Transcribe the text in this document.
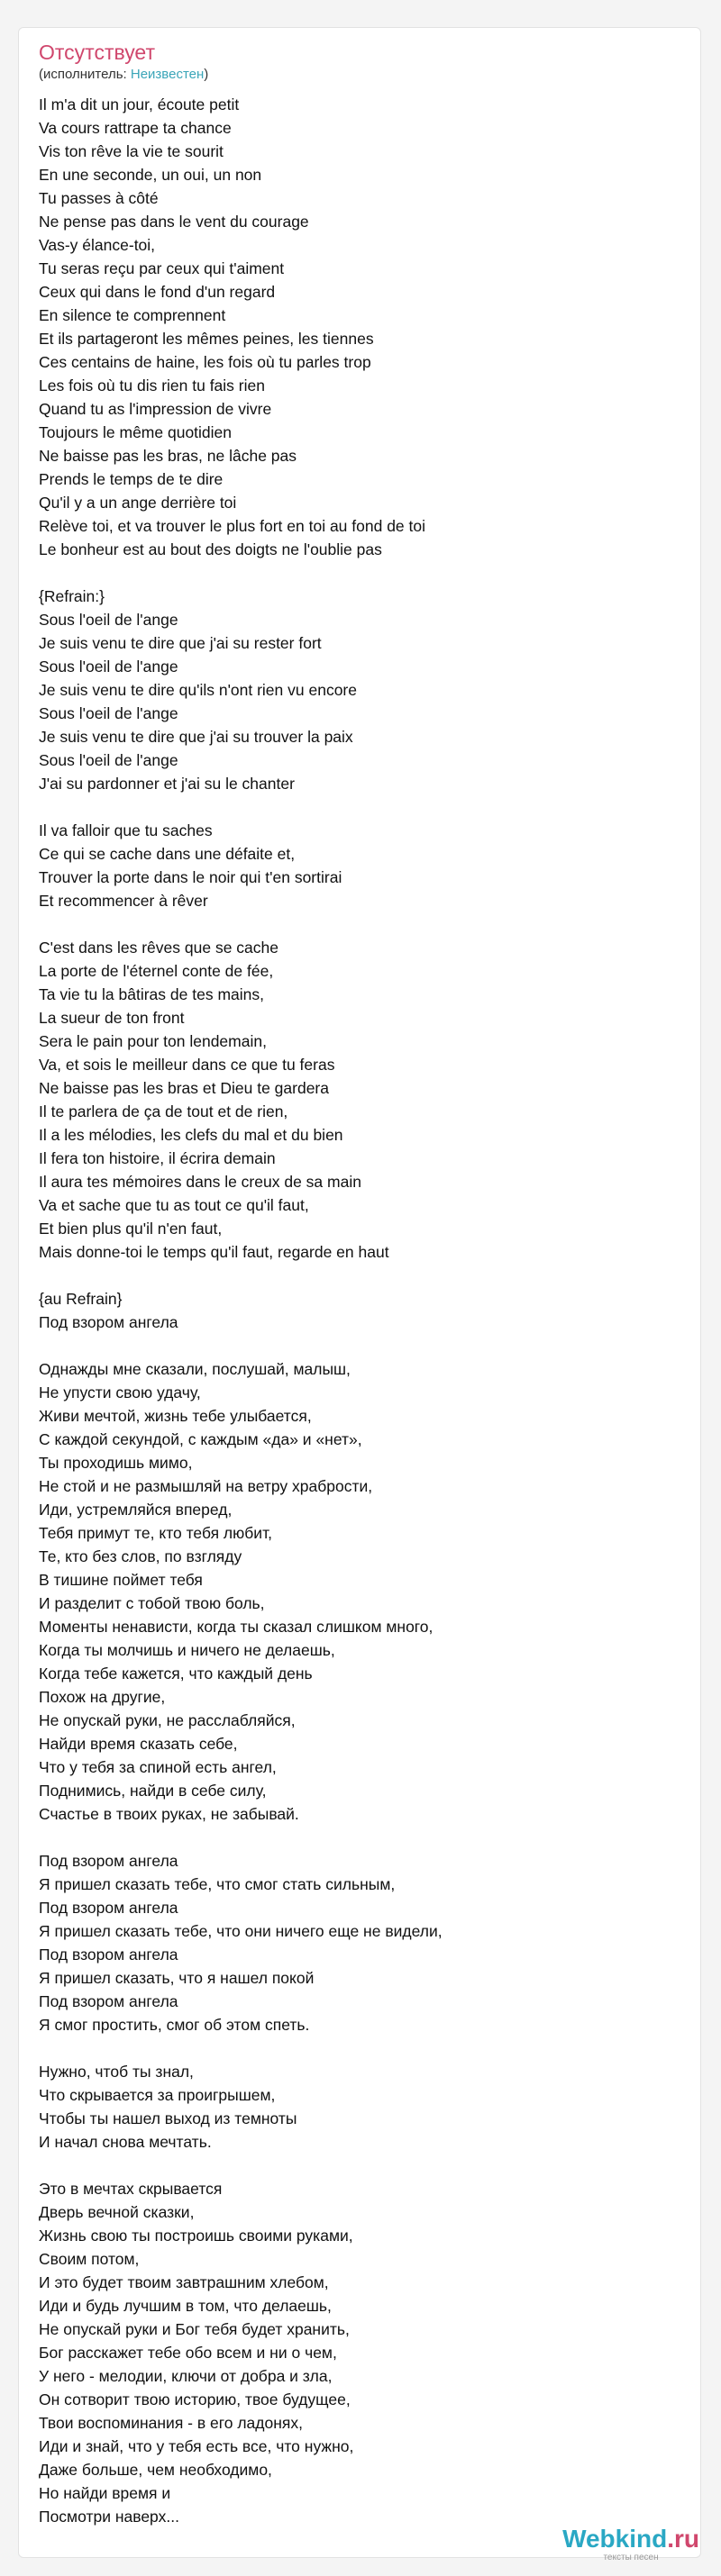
Отсутствует
(исполнитель: Неизвестен)
Il m'a dit un jour, écoute petit
Va cours rattrape ta chance
Vis ton rêve la vie te sourit
En une seconde, un oui, un non
Tu passes à côté
Ne pense pas dans le vent du courage
Vas-y élance-toi,
Tu seras reçu par ceux qui t'aiment
Ceux qui dans le fond d'un regard
En silence te comprennent
Et ils partageront les mêmes peines, les tiennes
Ces centains de haine, les fois où tu parles trop
Les fois où tu dis rien tu fais rien
Quand tu as l'impression de vivre
Toujours le même quotidien
Ne baisse pas les bras, ne lâche pas
Prends le temps de te dire
Qu'il y a un ange derrière toi
Relève toi, et va trouver le plus fort en toi au fond de toi
Le bonheur est au bout des doigts ne l'oublie pas
{Refrain:}
Sous l'oeil de l'ange
Je suis venu te dire que j'ai su rester fort
Sous l'oeil de l'ange
Je suis venu te dire qu'ils n'ont rien vu encore
Sous l'oeil de l'ange
Je suis venu te dire que j'ai su trouver la paix
Sous l'oeil de l'ange
J'ai su pardonner et j'ai su le chanter
Il va falloir que tu saches
Ce qui se cache dans une défaite et,
Trouver la porte dans le noir qui t'en sortirai
Et recommencer à rêver
C'est dans les rêves que se cache
La porte de l'éternel conte de fée,
Ta vie tu la bâtiras de tes mains,
La sueur de ton front
Sera le pain pour ton lendemain,
Va, et sois le meilleur dans ce que tu feras
Ne baisse pas les bras et Dieu te gardera
Il te parlera de ça de tout et de rien,
Il a les mélodies, les clefs du mal et du bien
Il fera ton histoire, il écrira demain
Il aura tes mémoires dans le creux de sa main
Va et sache que tu as tout ce qu'il faut,
Et bien plus qu'il n'en faut,
Mais donne-toi le temps qu'il faut, regarde en haut
{au Refrain}
Под взором ангела
Однажды мне сказали, послушай, малыш,
Не упусти свою удачу,
Живи мечтой, жизнь тебе улыбается,
С каждой секундой, с каждым «да» и «нет»,
Ты проходишь мимо,
Не стой и не размышляй на ветру храбрости,
Иди, устремляйся вперед,
Тебя примут те, кто тебя любит,
Те, кто без слов, по взгляду
В тишине поймет тебя
И разделит с тобой твою боль,
Моменты ненависти, когда ты сказал слишком много,
Когда ты молчишь и ничего не делаешь,
Когда тебе кажется, что каждый день
Похож на другие,
Не опускай руки, не расслабляйся,
Найди время сказать себе,
Что у тебя за спиной есть ангел,
Поднимись, найди в себе силу,
Счастье в твоих руках, не забывай.
Под взором ангела
Я пришел сказать тебе, что смог стать сильным,
Под взором ангела
Я пришел сказать тебе, что они ничего еще не видели,
Под взором ангела
Я пришел сказать, что я нашел покой
Под взором ангела
Я смог простить, смог об этом спеть.
Нужно, чтоб ты знал,
Что скрывается за проигрышем,
Чтобы ты нашел выход из темноты
И начал снова мечтать.
Это в мечтах скрывается
Дверь вечной сказки,
Жизнь свою ты построишь своими руками,
Своим потом,
И это будет твоим завтрашним хлебом,
Иди и будь лучшим в том, что делаешь,
Не опускай руки и Бог тебя будет хранить,
Бог расскажет тебе обо всем и ни о чем,
У него - мелодии, ключи от добра и зла,
Он сотворит твою историю, твое будущее,
Твои воспоминания - в его ладонях,
Иди и знай, что у тебя есть все, что нужно,
Даже больше, чем необходимо,
Но найди время и
Посмотри наверх...
Webkind.ru
тексты песен
